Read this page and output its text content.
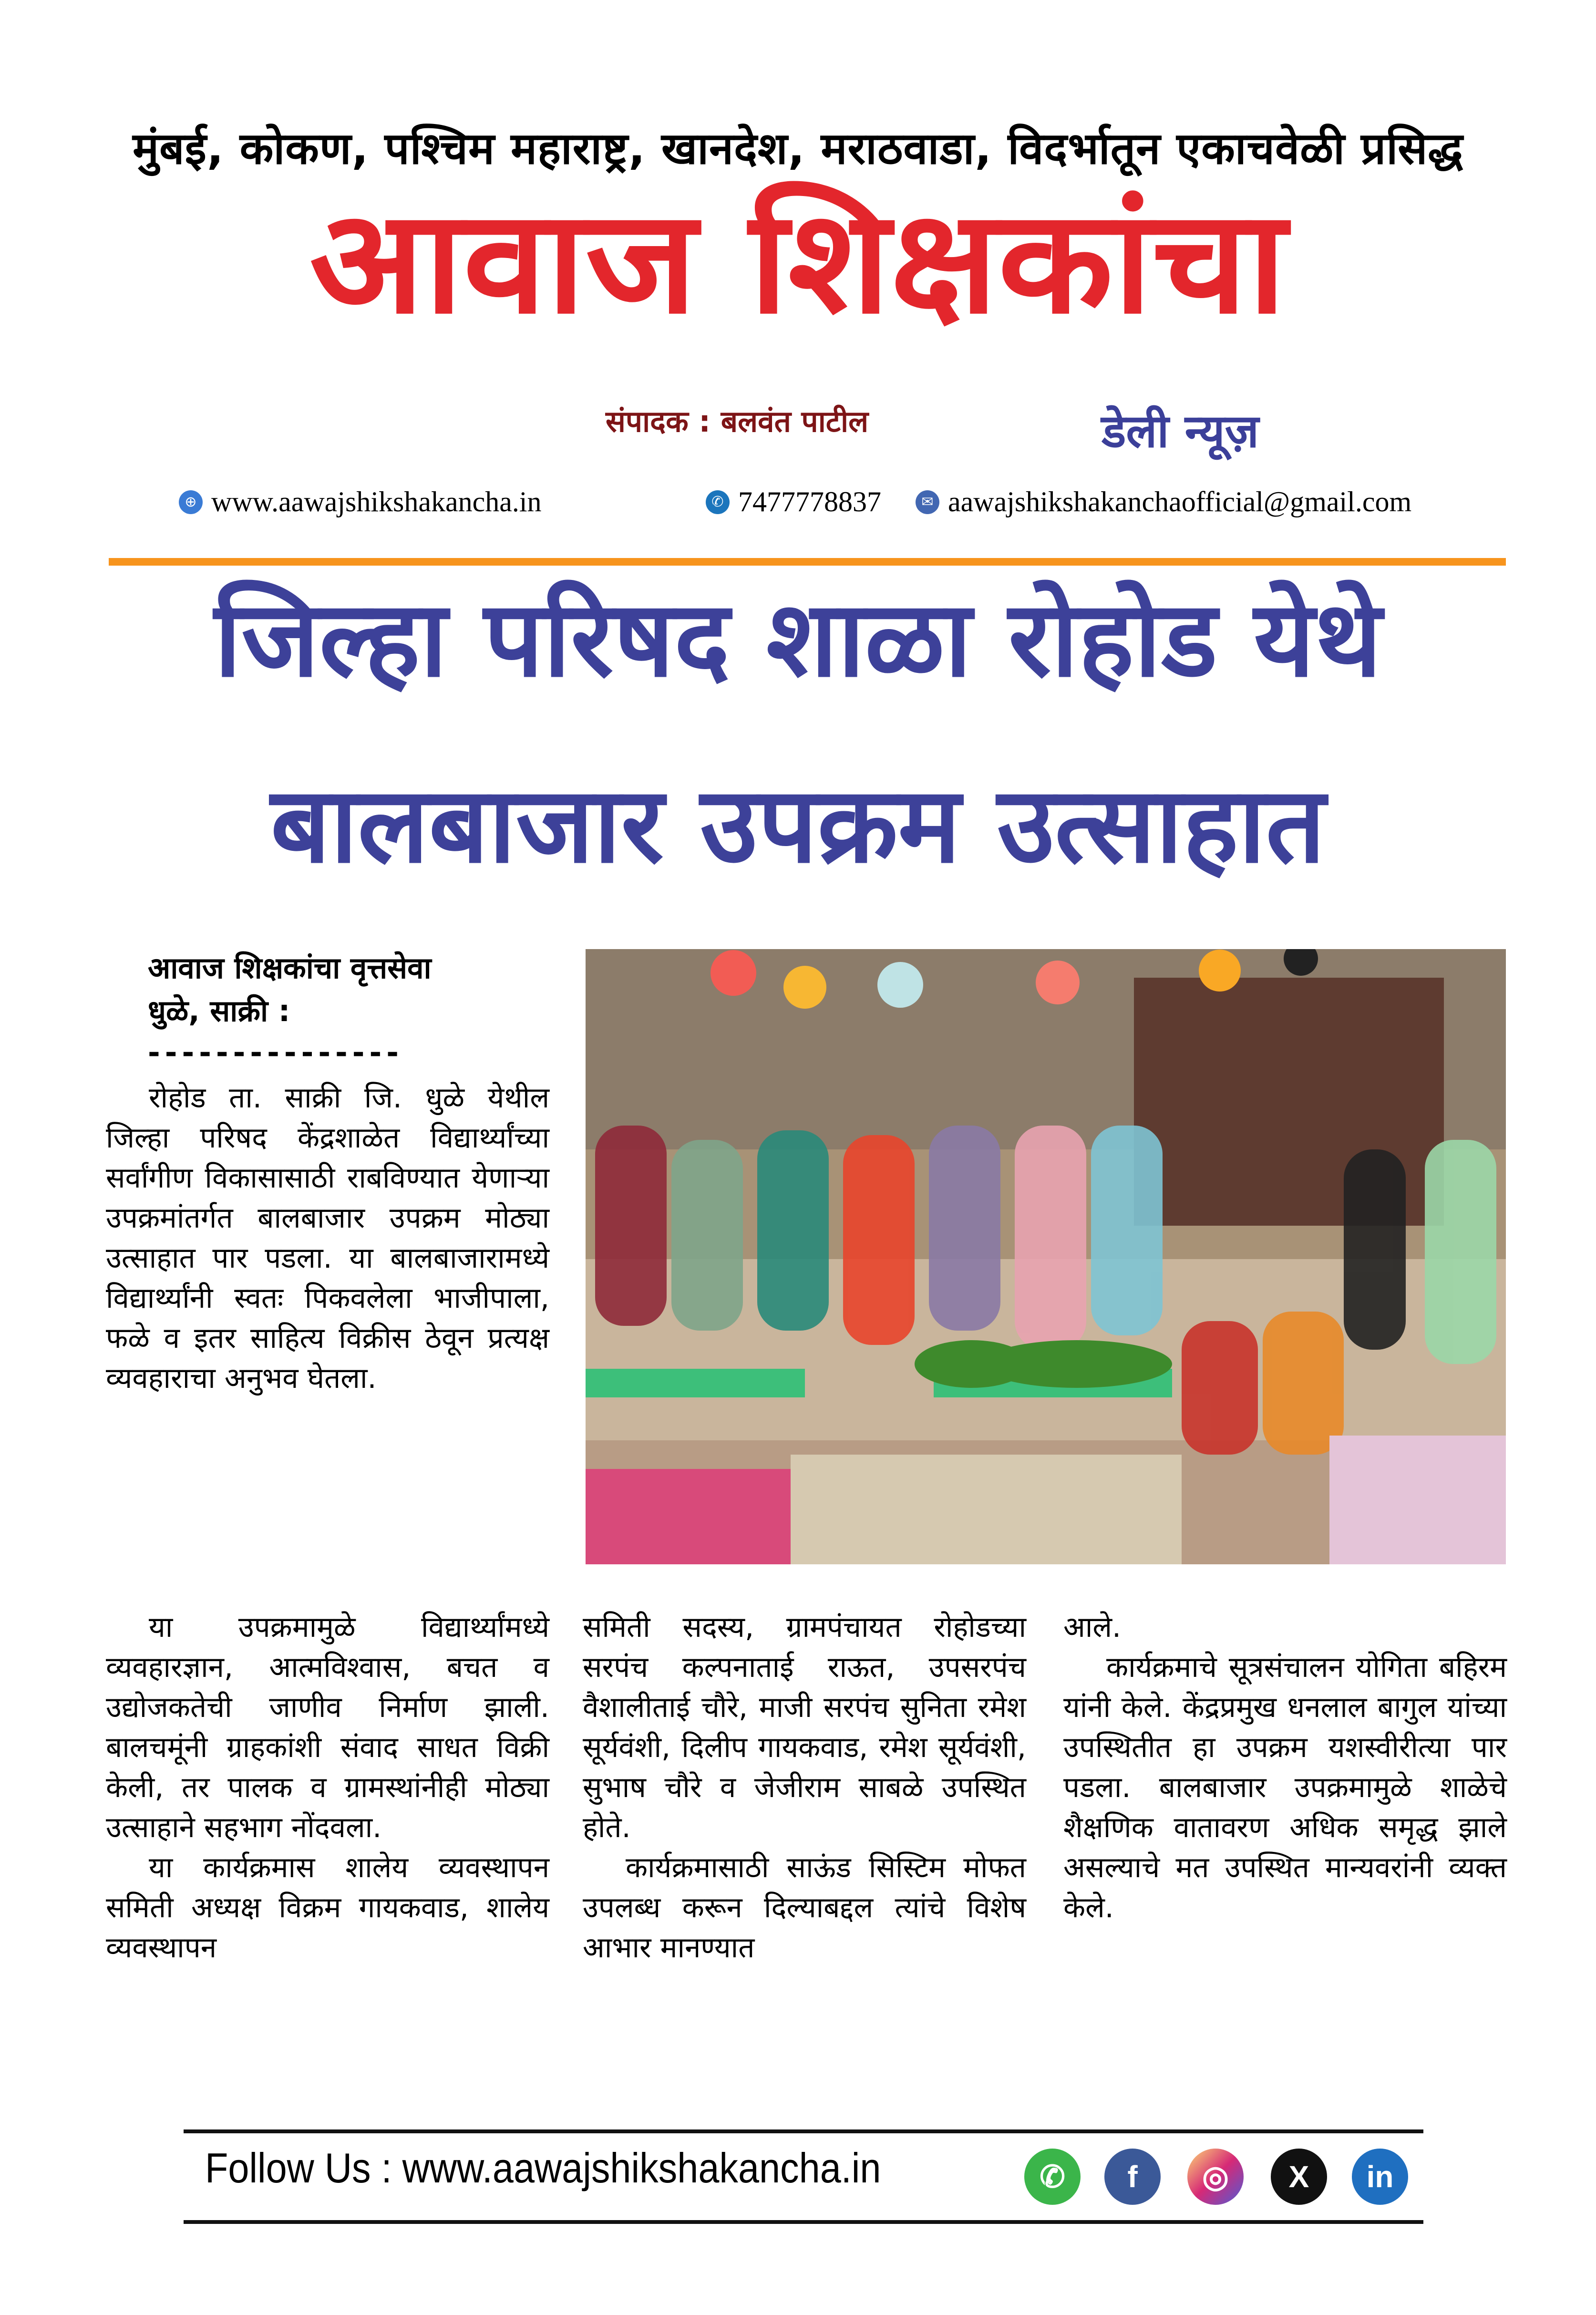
मुंबई, कोकण, पश्चिम महाराष्ट्र, खानदेश, मराठवाडा, विदर्भातून एकाचवेळी प्रसिद्ध
आवाज शिक्षकांचा
संपादक : बलवंत पाटील	डेली न्यूज़
⊕ www.aawajshikshakancha.in	✆ 7477778837	✉ aawajshikshakanchaofficial@gmail.com
जिल्हा परिषद शाळा रोहोड येथे
बालबाजार उपक्रम उत्साहात
आवाज शिक्षकांचा वृत्तसेवा
धुळे, साक्री :
---------------

रोहोड ता. साक्री जि. धुळे येथील जिल्हा परिषद केंद्रशाळेत विद्यार्थ्यांच्या सर्वांगीण विकासासाठी राबविण्यात येणाऱ्या उपक्रमांतर्गत बालबाजार उपक्रम मोठ्या उत्साहात पार पडला. या बालबाजारामध्ये विद्यार्थ्यांनी स्वतः पिकवलेला भाजीपाला, फळे व इतर साहित्य विक्रीस ठेवून प्रत्यक्ष व्यवहाराचा अनुभव घेतला.

या उपक्रमामुळे विद्यार्थ्यांमध्ये व्यवहारज्ञान, आत्मविश्वास, बचत व उद्योजकतेची जाणीव निर्माण झाली. बालचमूंनी ग्राहकांशी संवाद साधत विक्री केली, तर पालक व ग्रामस्थांनीही मोठ्या उत्साहाने सहभाग नोंदवला.

या कार्यक्रमास शालेय व्यवस्थापन समिती अध्यक्ष विक्रम गायकवाड, शालेय व्यवस्थापन

समिती सदस्य, ग्रामपंचायत रोहोडच्या सरपंच कल्पनाताई राऊत, उपसरपंच वैशालीताई चौरे, माजी सरपंच सुनिता रमेश सूर्यवंशी, दिलीप गायकवाड, रमेश सूर्यवंशी, सुभाष चौरे व जेजीराम साबळे उपस्थित होते.

कार्यक्रमासाठी साऊंड सिस्टिम मोफत उपलब्ध करून दिल्याबद्दल त्यांचे विशेष आभार मानण्यात

आले.

कार्यक्रमाचे सूत्रसंचालन योगिता बहिरम यांनी केले. केंद्रप्रमुख धनलाल बागुल यांच्या उपस्थितीत हा उपक्रम यशस्वीरीत्या पार पडला. बालबाजार उपक्रमामुळे शाळेचे शैक्षणिक वातावरण अधिक समृद्ध झाले असल्याचे मत उपस्थित मान्यवरांनी व्यक्त केले.

Follow Us : www.aawajshikshakancha.in	✆	f	◎	X	in
